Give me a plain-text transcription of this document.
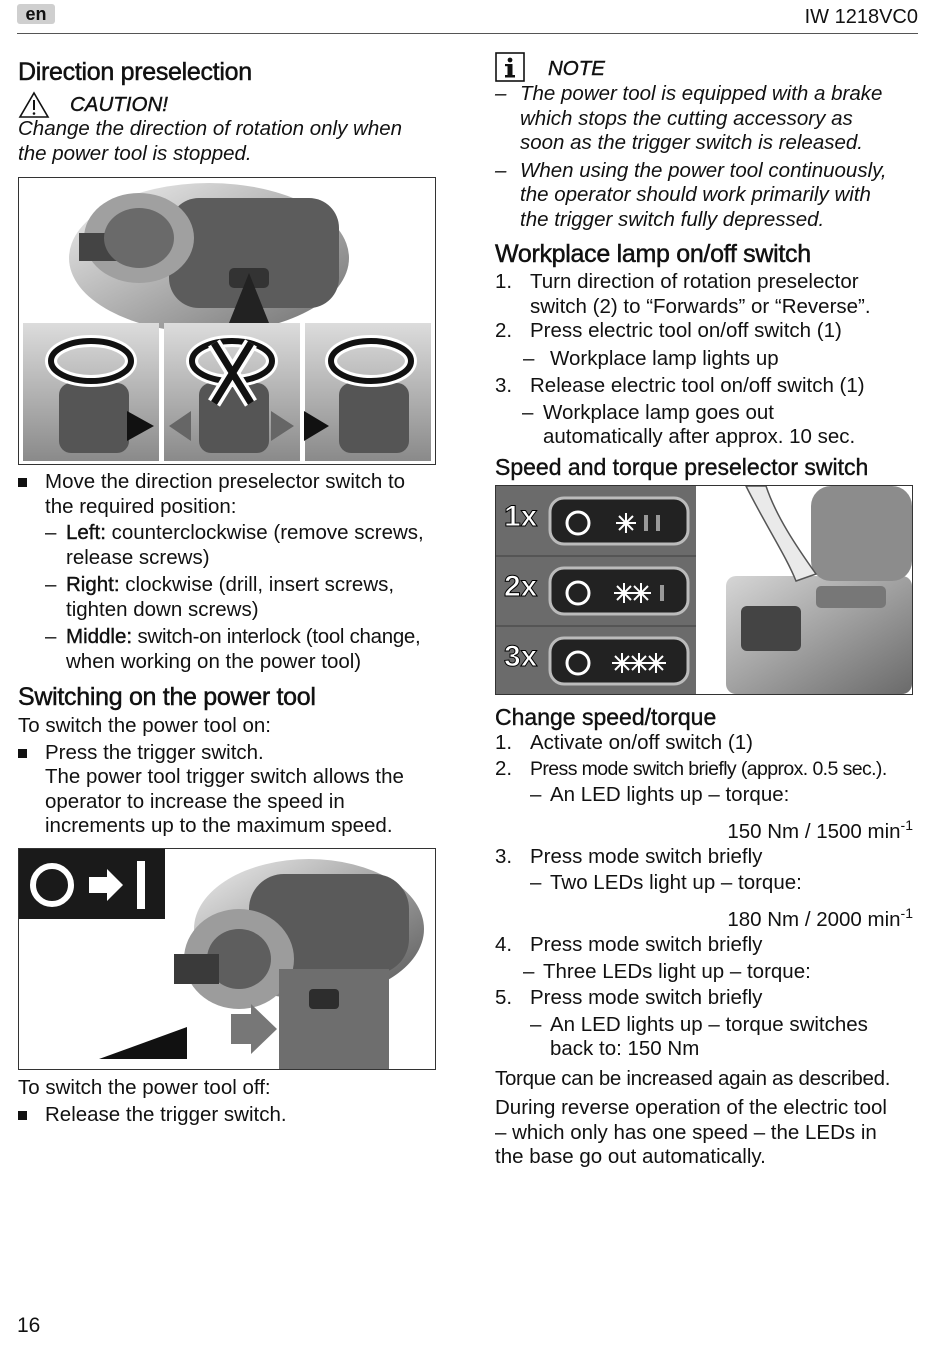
en	IW 1218VC0
Direction preselection
CAUTION!
Change the direction of rotation only when
the power tool is stopped.
Move the direction preselector switch to
the required position:
– Left: counterclockwise (remove screws,
release screws)
– Right: clockwise (drill, insert screws,
tighten down screws)
– Middle: switch-on interlock (tool change,
when working on the power tool)
Switching on the power tool
To switch the power tool on:
Press the trigger switch.
The power tool trigger switch allows the
operator to increase the speed in
increments up to the maximum speed.
To switch the power tool off:
Release the trigger switch.
NOTE
– The power tool is equipped with a brake
which stops the cutting accessory as
soon as the trigger switch is released.
– When using the power tool continuously,
the operator should work primarily with
the trigger switch fully depressed.
Workplace lamp on/off switch
1. Turn direction of rotation preselector
switch (2) to “Forwards” or “Reverse”.
2. Press electric tool on/off switch (1)
– Workplace lamp lights up
3. Release electric tool on/off switch (1)
– Workplace lamp goes out
automatically after approx. 10 sec.
Speed and torque preselector switch
1x
2x
3x
Change speed/torque
1. Activate on/off switch (1)
2. Press mode switch briefly (approx. 0.5 sec.).
– An LED lights up – torque:
150 Nm / 1500 $\min^{-1}$
3. Press mode switch briefly
– Two LEDs light up – torque:
180 Nm / 2000 $\min^{-1}$
4. Press mode switch briefly
– Three LEDs light up – torque:
5. Press mode switch briefly
– An LED lights up – torque switches
back to: 150 Nm
Torque can be increased again as described.
During reverse operation of the electric tool
– which only has one speed – the LEDs in
the base go out automatically.
16
